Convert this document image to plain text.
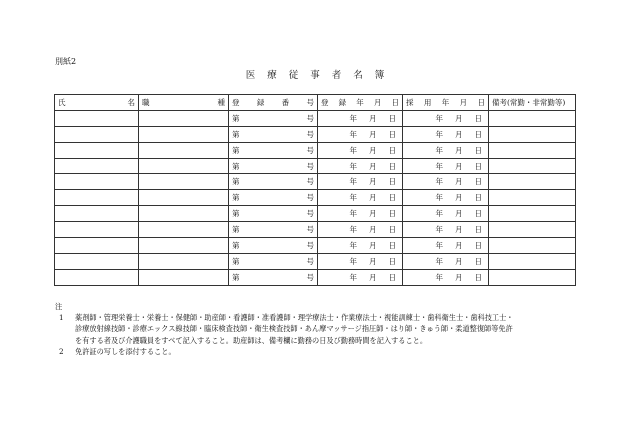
別紙2
医 療 従 事 者 名 簿
氏 名	職 種	登 録 番 号	登 録 年 月 日	採 用 年 月 日	備考(常勤・非常勤等)

		第 号	年 月 日	年 月 日	

		第 号	年 月 日	年 月 日	

		第 号	年 月 日	年 月 日	

		第 号	年 月 日	年 月 日	

		第 号	年 月 日	年 月 日	

		第 号	年 月 日	年 月 日	

		第 号	年 月 日	年 月 日	

		第 号	年 月 日	年 月 日	

		第 号	年 月 日	年 月 日	

		第 号	年 月 日	年 月 日	

		第 号	年 月 日	年 月 日	

注
1	薬剤師・管理栄養士・栄養士・保健師・助産師・看護師・准看護師・理学療法士・作業療法士・視能訓練士・歯科衛生士・歯科技工士・
診療放射線技師・診療エックス線技師・臨床検査技師・衛生検査技師・あん摩マッサージ指圧師・はり師・きゅう師・柔道整復師等免許
を有する者及び介護職員をすべて記入すること。助産師は、備考欄に勤務の日及び勤務時間を記入すること。
2	免許証の写しを添付すること。
